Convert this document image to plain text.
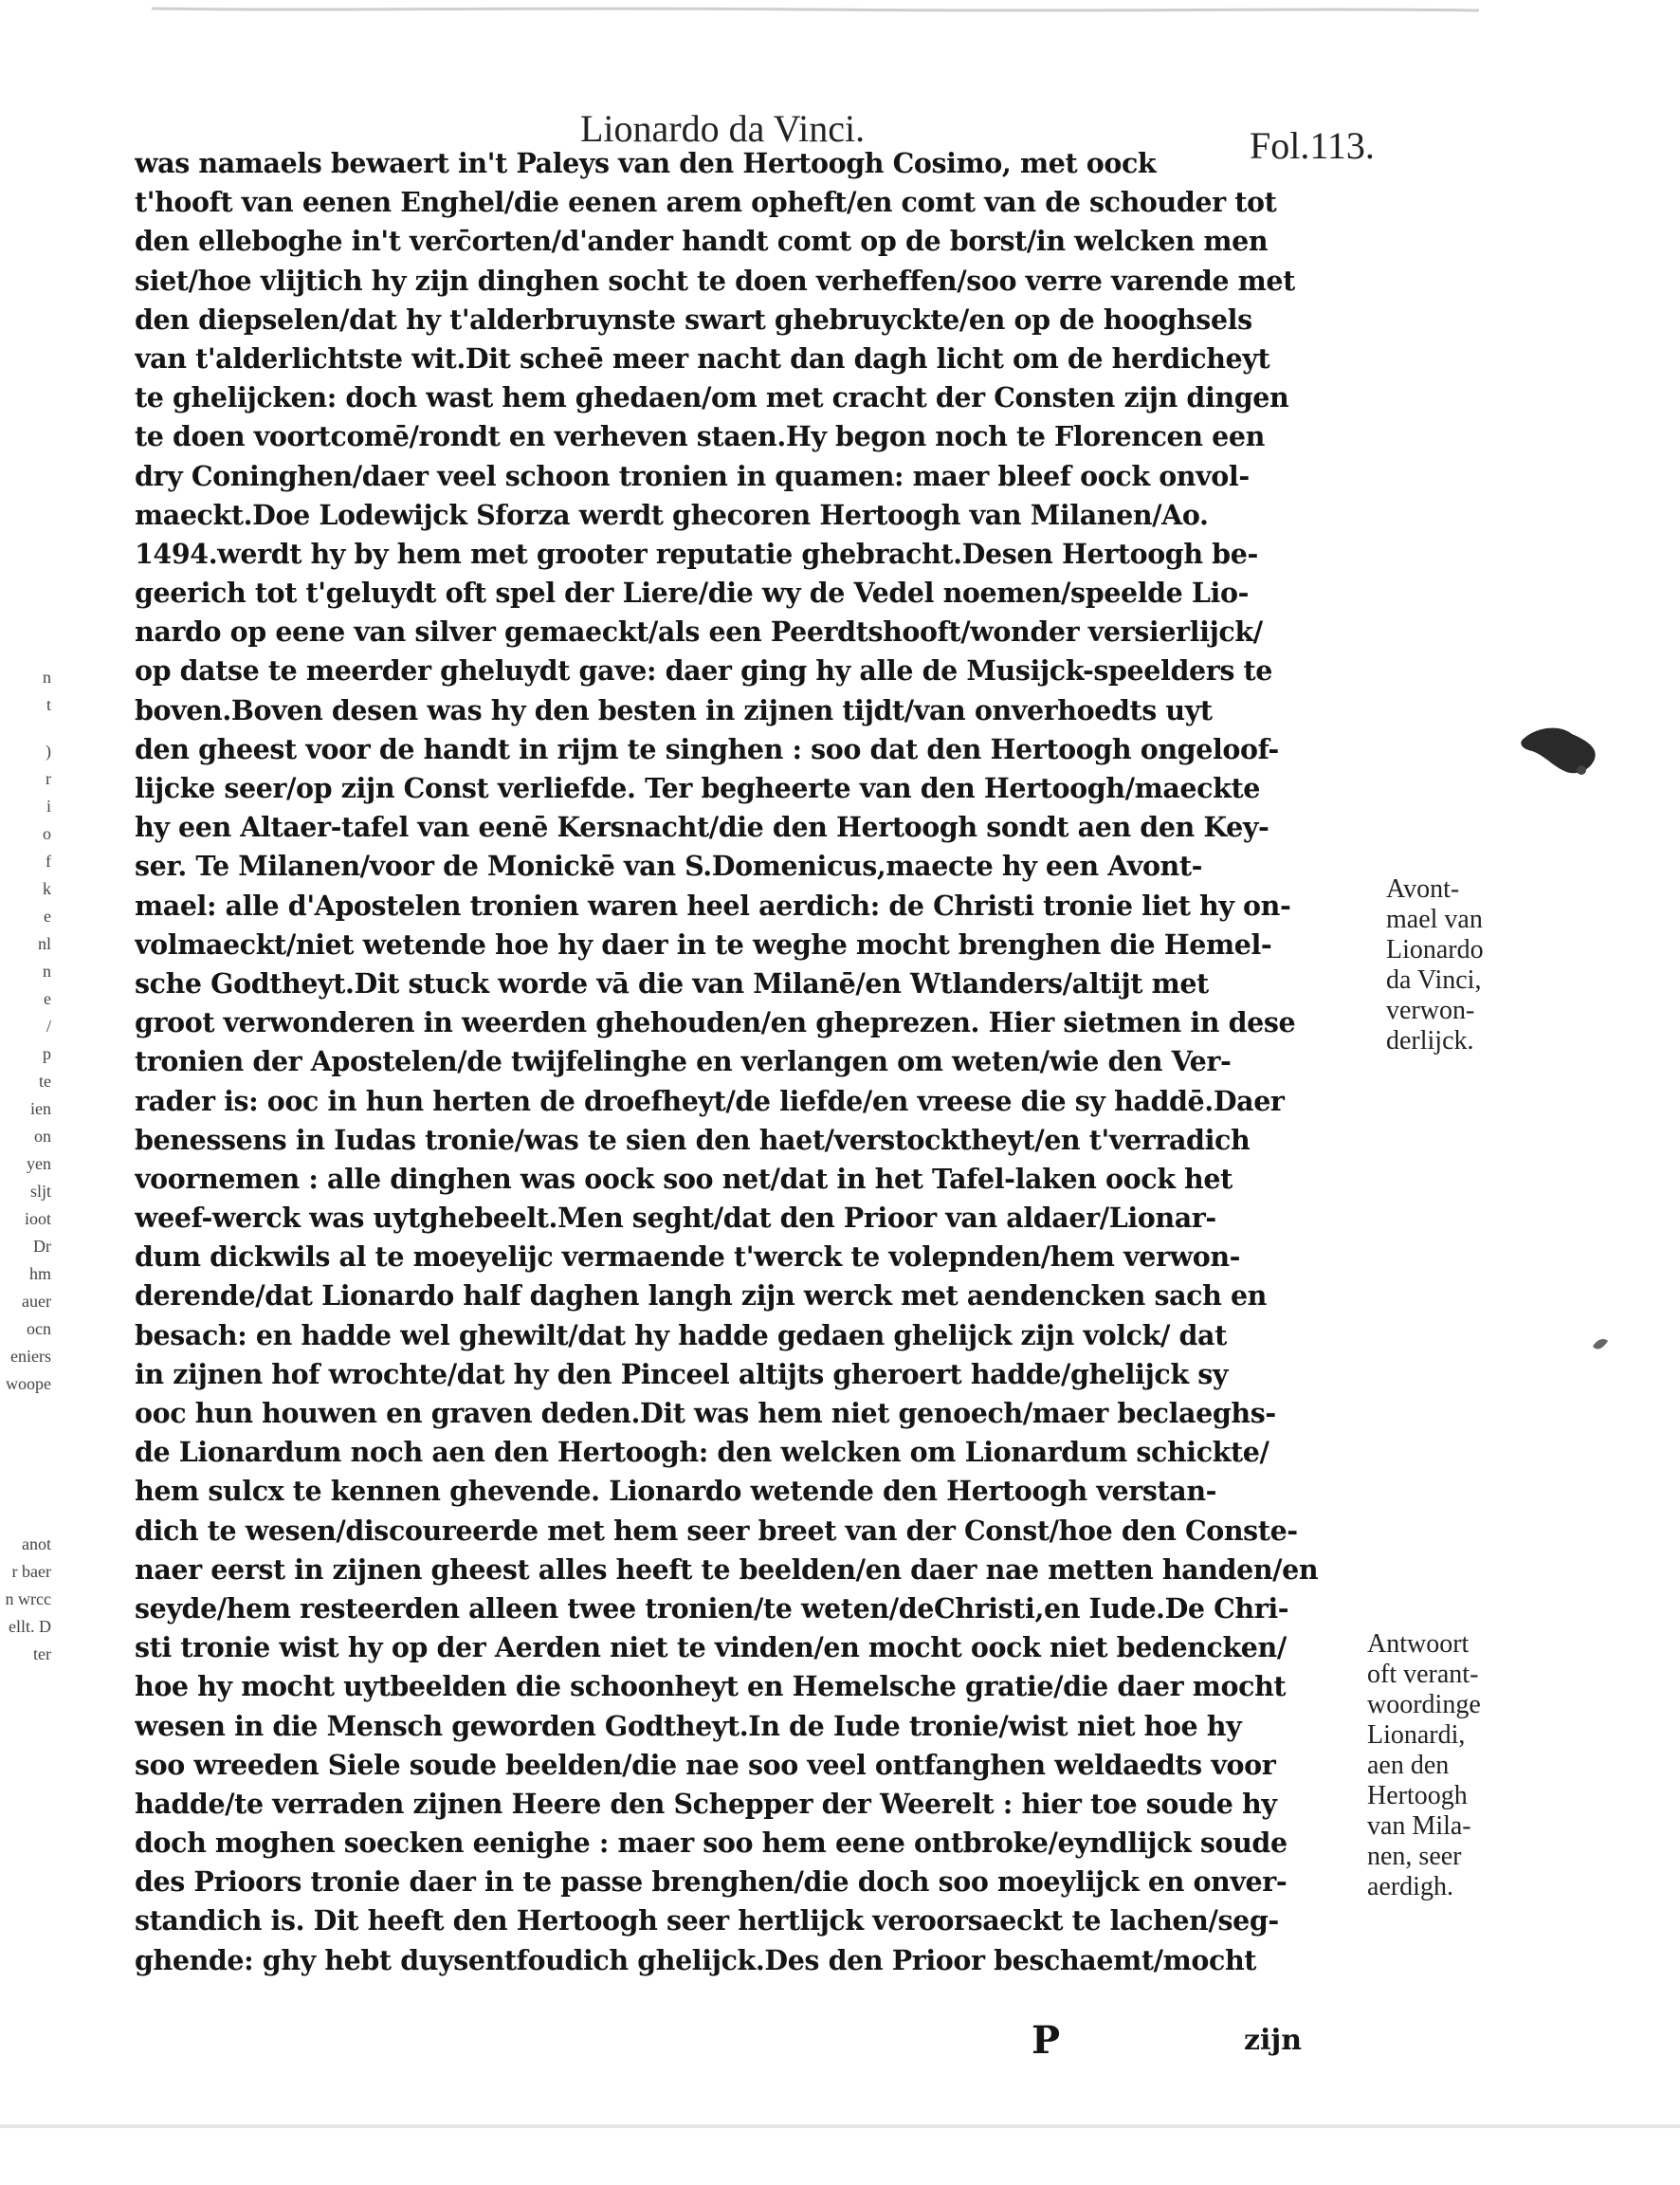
Lionardo da Vinci.	Fol.113.
was namaels bewaert in't Paleys van den Hertoogh Cosimo, met oock
t'hooft van eenen Enghel/die eenen arem opheft/en comt van de schouder tot
den elleboghe in't verc̄orten/d'ander handt comt op de borst/in welcken men
siet/hoe vlijtich hy zijn dinghen socht te doen verheffen/soo verre varende met
den diepselen/dat hy t'alderbruynste swart ghebruyckte/en op de hooghsels
van t'alderlichtste wit.Dit scheē meer nacht dan dagh licht om de herdicheyt
te ghelijcken: doch wast hem ghedaen/om met cracht der Consten zijn dingen
te doen voortcomē/rondt en verheven staen.Hy begon noch te Florencen een
dry Coninghen/daer veel schoon tronien in quamen: maer bleef oock onvol-
maeckt.Doe Lodewijck Sforza werdt ghecoren Hertoogh van Milanen/Ao.
1494.werdt hy by hem met grooter reputatie ghebracht.Desen Hertoogh be-
geerich tot t'geluydt oft spel der Liere/die wy de Vedel noemen/speelde Lio-
nardo op eene van silver gemaeckt/als een Peerdtshooft/wonder versierlijck/
op datse te meerder gheluydt gave: daer ging hy alle de Musijck-speelders te
boven.Boven desen was hy den besten in zijnen tijdt/van onverhoedts uyt
den gheest voor de handt in rijm te singhen : soo dat den Hertoogh ongeloof-
lijcke seer/op zijn Const verliefde. Ter begheerte van den Hertoogh/maeckte
hy een Altaer-tafel van eenē Kersnacht/die den Hertoogh sondt aen den Key-
ser. Te Milanen/voor de Monickē van S.Domenicus,maecte hy een Avont-
mael: alle d'Apostelen tronien waren heel aerdich: de Christi tronie liet hy on-
volmaeckt/niet wetende hoe hy daer in te weghe mocht brenghen die Hemel-
sche Godtheyt.Dit stuck worde vā die van Milanē/en Wtlanders/altijt met
groot verwonderen in weerden ghehouden/en gheprezen. Hier sietmen in dese
tronien der Apostelen/de twijfelinghe en verlangen om weten/wie den Ver-
rader is: ooc in hun herten de droefheyt/de liefde/en vreese die sy haddē.Daer
benessens in Iudas tronie/was te sien den haet/verstocktheyt/en t'verradich
voornemen : alle dinghen was oock soo net/dat in het Tafel-laken oock het
weef-werck was uytghebeelt.Men seght/dat den Prioor van aldaer/Lionar-
dum dickwils al te moeyelijc vermaende t'werck te volepnden/hem verwon-
derende/dat Lionardo half daghen langh zijn werck met aendencken sach en
besach: en hadde wel ghewilt/dat hy hadde gedaen ghelijck zijn volck/ dat
in zijnen hof wrochte/dat hy den Pinceel altijts gheroert hadde/ghelijck sy
ooc hun houwen en graven deden.Dit was hem niet genoech/maer beclaeghs-
de Lionardum noch aen den Hertoogh: den welcken om Lionardum schickte/
hem sulcx te kennen ghevende. Lionardo wetende den Hertoogh verstan-
dich te wesen/discoureerde met hem seer breet van der Const/hoe den Conste-
naer eerst in zijnen gheest alles heeft te beelden/en daer nae metten handen/en
seyde/hem resteerden alleen twee tronien/te weten/deChristi,en Iude.De Chri-
sti tronie wist hy op der Aerden niet te vinden/en mocht oock niet bedencken/
hoe hy mocht uytbeelden die schoonheyt en Hemelsche gratie/die daer mocht
wesen in die Mensch geworden Godtheyt.In de Iude tronie/wist niet hoe hy
soo wreeden Siele soude beelden/die nae soo veel ontfanghen weldaedts voor
hadde/te verraden zijnen Heere den Schepper der Weerelt : hier toe soude hy
doch moghen soecken eenighe : maer soo hem eene ontbroke/eyndlijck soude
des Prioors tronie daer in te passe brenghen/die doch soo moeylijck en onver-
standich is. Dit heeft den Hertoogh seer hertlijck veroorsaeckt te lachen/seg-
ghende: ghy hebt duysentfoudich ghelijck.Des den Prioor beschaemt/mocht
Avont-
mael van
Lionardo
da Vinci,
verwon-
derlijck.
Antwoort
oft verant-
woordinge
Lionardi,
aen den
Hertoogh
van Mila-
nen, seer
aerdigh.
n
t
)
r
i
o
f
k
e
nl
n
e
/
p
te
ien
on
yen
sljt
ioot
Dr
hm
auer
ocn
eniers
woope
anot
r baer
n wrcc
ellt. D
ter
P	zijn
